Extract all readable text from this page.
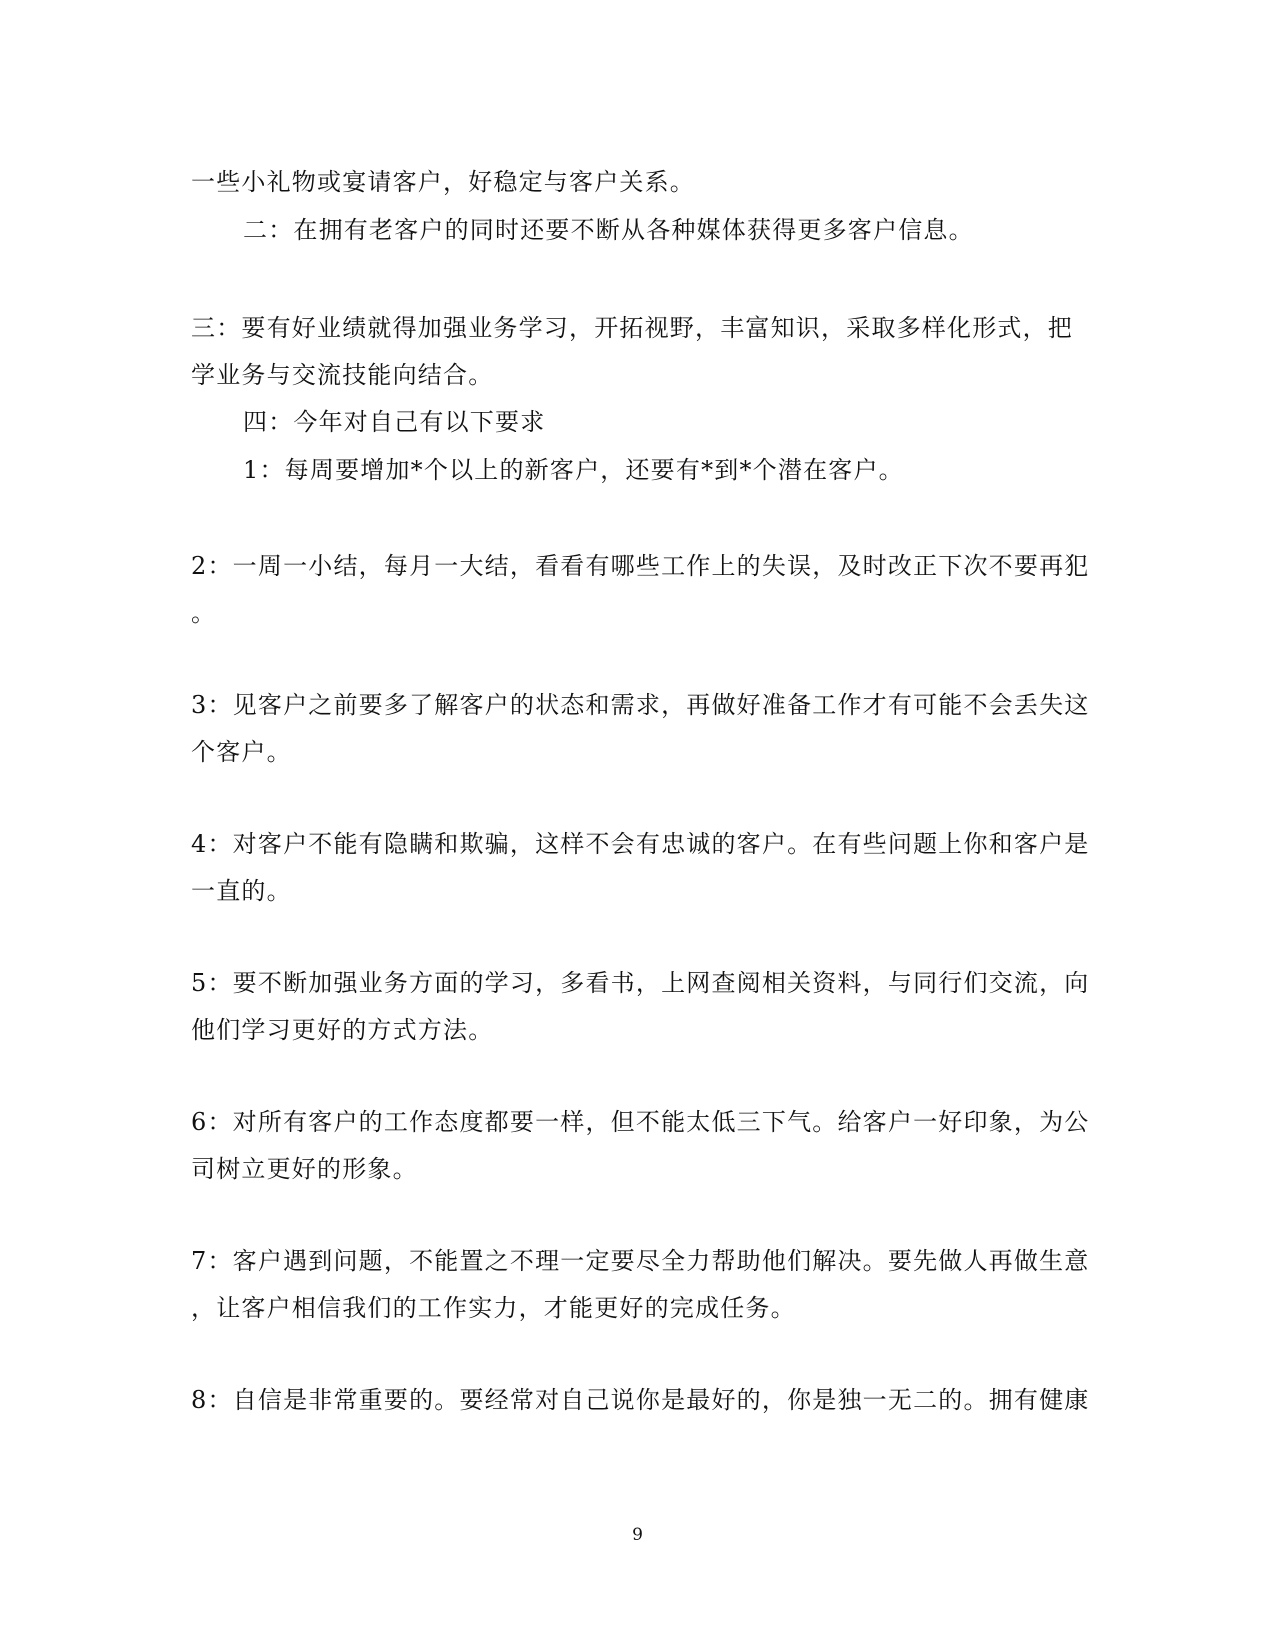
一些小礼物或宴请客户，好稳定与客户关系。
二：在拥有老客户的同时还要不断从各种媒体获得更多客户信息。
三：要有好业绩就得加强业务学习，开拓视野，丰富知识，采取多样化形式，把
学业务与交流技能向结合。
四：今年对自己有以下要求
1：每周要增加*个以上的新客户，还要有*到*个潜在客户。
2：一周一小结，每月一大结，看看有哪些工作上的失误，及时改正下次不要再犯
。
3：见客户之前要多了解客户的状态和需求，再做好准备工作才有可能不会丢失这
个客户。
4：对客户不能有隐瞒和欺骗，这样不会有忠诚的客户。在有些问题上你和客户是
一直的。
5：要不断加强业务方面的学习，多看书，上网查阅相关资料，与同行们交流，向
他们学习更好的方式方法。
6：对所有客户的工作态度都要一样，但不能太低三下气。给客户一好印象，为公
司树立更好的形象。
7：客户遇到问题，不能置之不理一定要尽全力帮助他们解决。要先做人再做生意
，让客户相信我们的工作实力，才能更好的完成任务。
8：自信是非常重要的。要经常对自己说你是最好的，你是独一无二的。拥有健康
9
